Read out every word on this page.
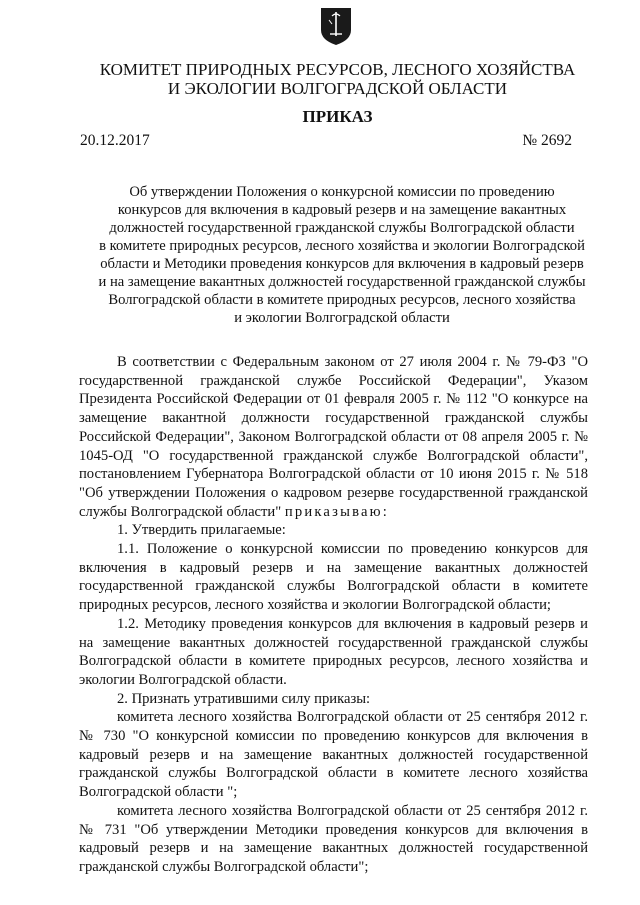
КОМИТЕТ ПРИРОДНЫХ РЕСУРСОВ, ЛЕСНОГО ХОЗЯЙСТВА
И ЭКОЛОГИИ ВОЛГОГРАДСКОЙ ОБЛАСТИ
ПРИКАЗ
20.12.2017	№ 2692
Об утверждении Положения о конкурсной комиссии по проведению
конкурсов для включения в кадровый резерв и на замещение вакантных
должностей государственной гражданской службы Волгоградской области
в комитете природных ресурсов, лесного хозяйства и экологии Волгоградской
области и Методики проведения конкурсов для включения в кадровый резерв
и на замещение вакантных должностей государственной гражданской службы
Волгоградской области в комитете природных ресурсов, лесного хозяйства
и экологии Волгоградской области

В соответствии с Федеральным законом от 27 июля 2004 г. № 79-ФЗ "О государственной гражданской службе Российской Федерации", Указом Президента Российской Федерации от 01 февраля 2005 г. № 112 "О конкурсе на замещение вакантной должности государственной гражданской службы Российской Федерации", Законом Волгоградской области от 08 апреля 2005 г. № 1045-ОД "О государственной гражданской службе Волгоградской области", постановлением Губернатора Волгоградской области от 10 июня 2015 г. № 518 "Об утверждении Положения о кадровом резерве государственной гражданской службы Волгоградской области" приказываю:

1. Утвердить прилагаемые:

1.1. Положение о конкурсной комиссии по проведению конкурсов для включения в кадровый резерв и на замещение вакантных должностей государственной гражданской службы Волгоградской области в комитете природных ресурсов, лесного хозяйства и экологии Волгоградской области;

1.2. Методику проведения конкурсов для включения в кадровый резерв и на замещение вакантных должностей государственной гражданской службы Волгоградской области в комитете природных ресурсов, лесного хозяйства и экологии Волгоградской области.

2. Признать утратившими силу приказы:

комитета лесного хозяйства Волгоградской области от 25 сентября 2012 г. № 730 "О конкурсной комиссии по проведению конкурсов для включения в кадровый резерв и на замещение вакантных должностей государственной гражданской службы Волгоградской области в комитете лесного хозяйства Волгоградской области ";

комитета лесного хозяйства Волгоградской области от 25 сентября 2012 г. № 731 "Об утверждении Методики проведения конкурсов для включения в кадровый резерв и на замещение вакантных должностей государственной гражданской службы Волгоградской области";
